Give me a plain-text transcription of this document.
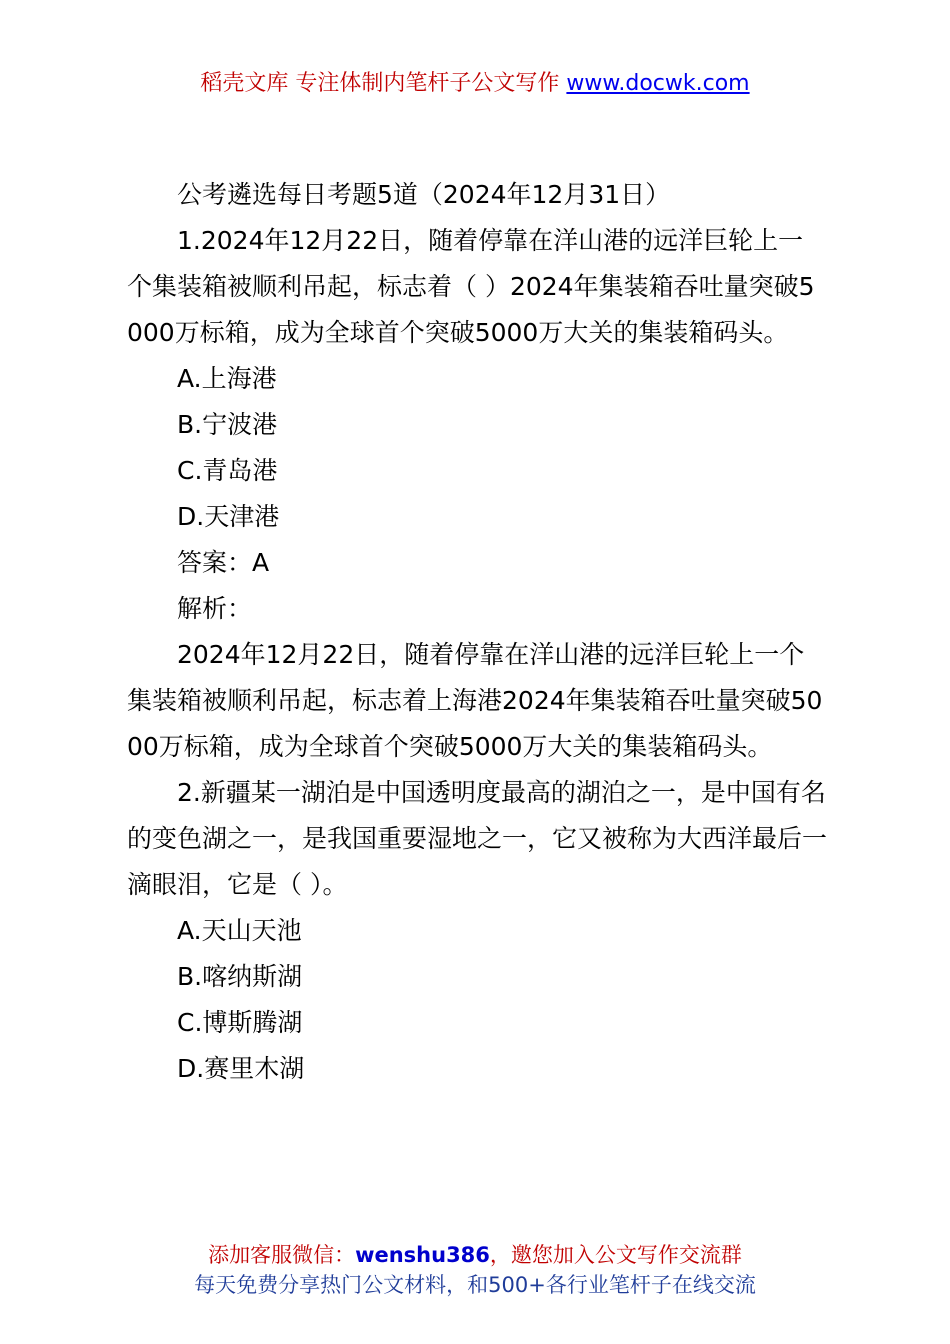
稻壳文库 专注体制内笔杆子公文写作 www.docwk.com

公考遴选每日考题5道（2024年12月31日）

1.2024年12月22日，随着停靠在洋山港的远洋巨轮上一个集装箱被顺利吊起，标志着（ ）2024年集装箱吞吐量突破5000万标箱，成为全球首个突破5000万大关的集装箱码头。

A.上海港

B.宁波港

C.青岛港

D.天津港

答案：A

解析：

2024年12月22日，随着停靠在洋山港的远洋巨轮上一个集装箱被顺利吊起，标志着上海港2024年集装箱吞吐量突破5000万标箱，成为全球首个突破5000万大关的集装箱码头。

2.新疆某一湖泊是中国透明度最高的湖泊之一，是中国有名的变色湖之一，是我国重要湿地之一，它又被称为大西洋最后一滴眼泪，它是（ ）。

A.天山天池

B.喀纳斯湖

C.博斯腾湖

D.赛里木湖

添加客服微信：wenshu386，邀您加入公文写作交流群
每天免费分享热门公文材料，和500+各行业笔杆子在线交流
